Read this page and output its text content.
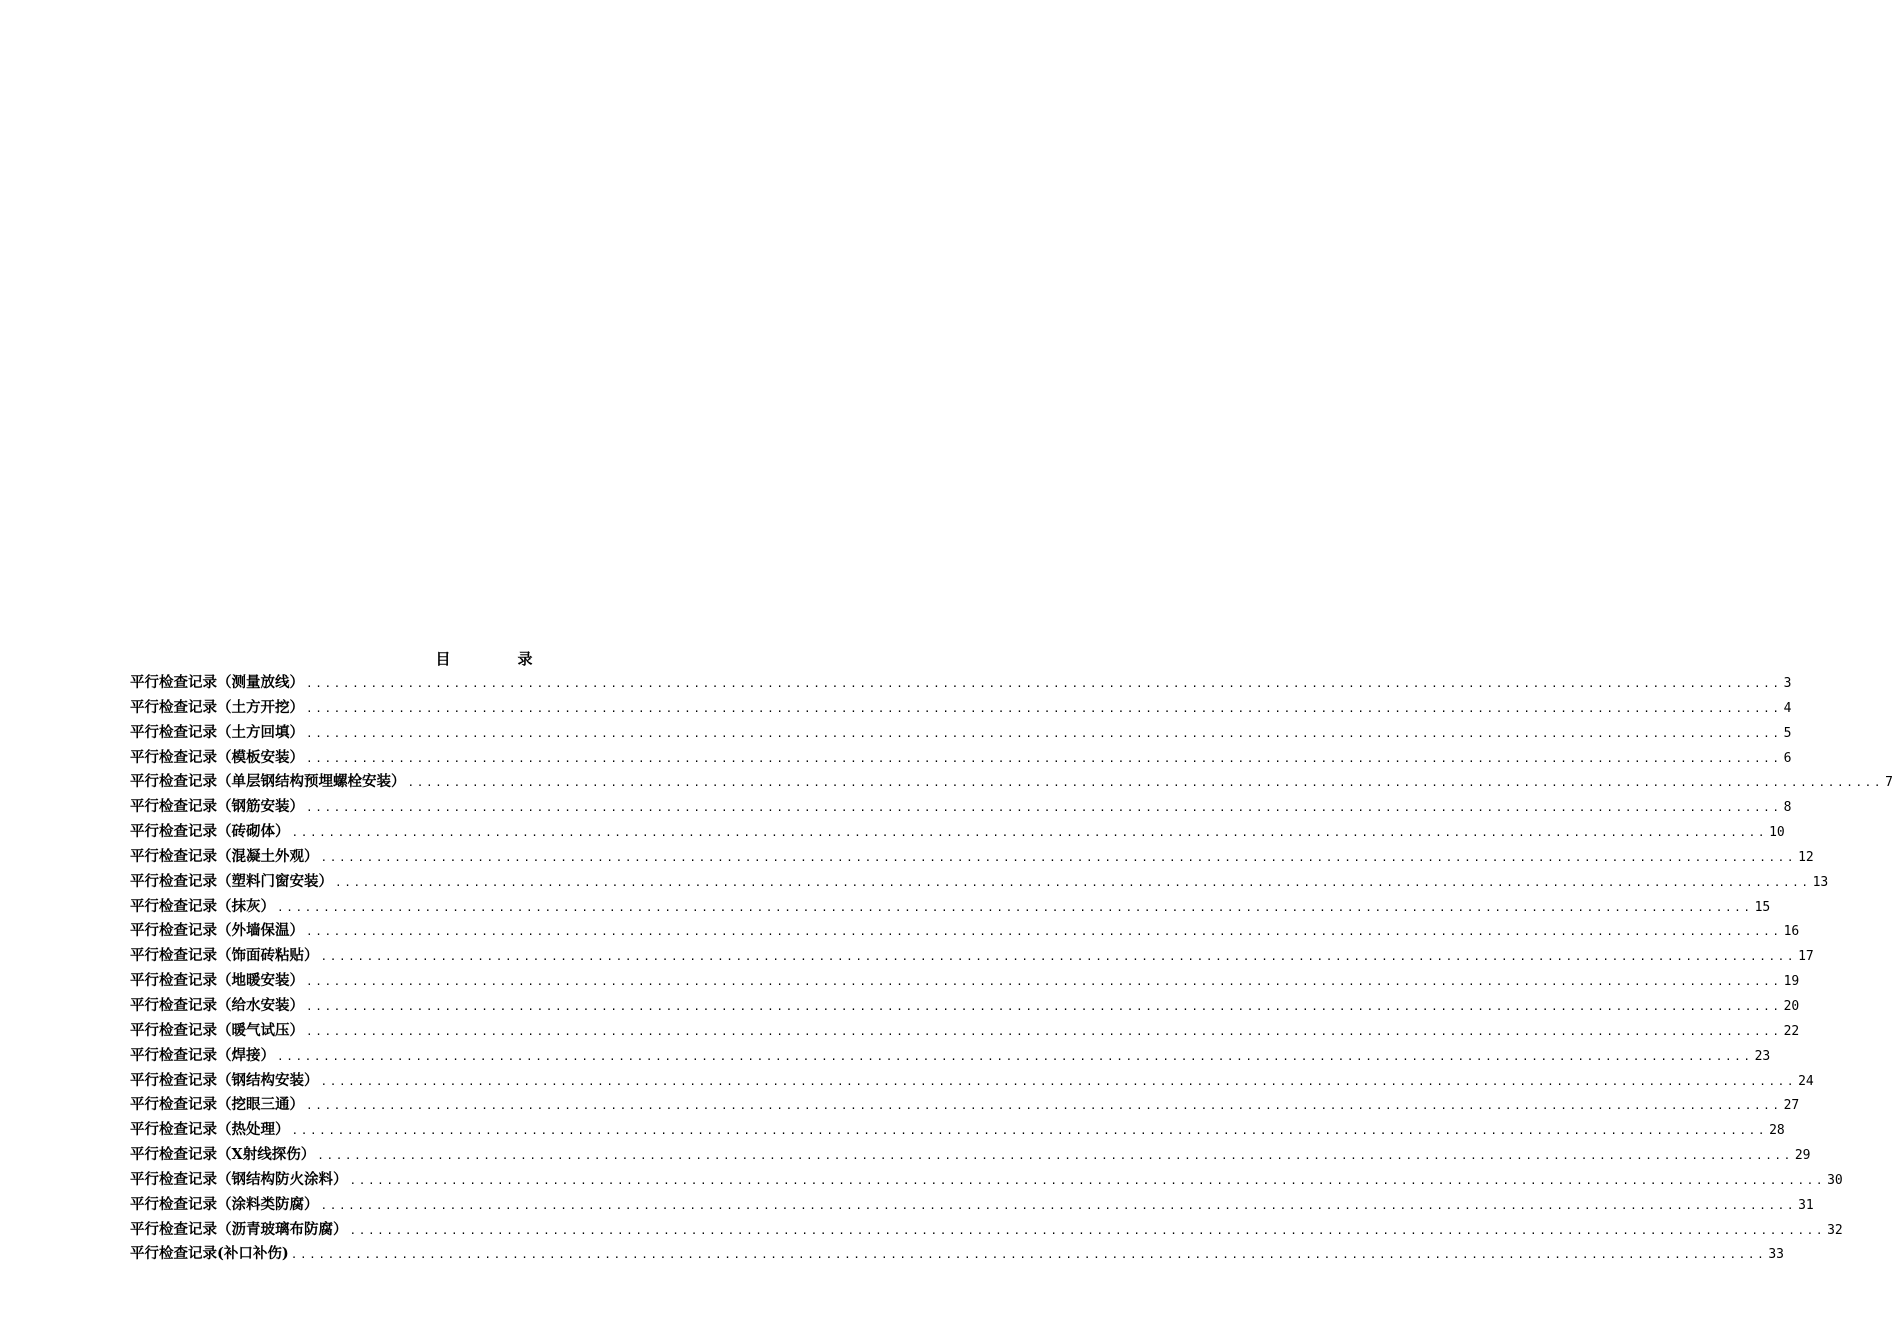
目　录
平行检查记录（测量放线） ................................................................................................................................................................ 3
平行检查记录（土方开挖） ................................................................................................................................................................ 4
平行检查记录（土方回填） ................................................................................................................................................................ 5
平行检查记录（模板安装） ................................................................................................................................................................ 6
平行检查记录（单层钢结构预埋螺栓安装） ................................................................................................................................................................ 7
平行检查记录（钢筋安装） ................................................................................................................................................................ 8
平行检查记录（砖砌体） ................................................................................................................................................................ 10
平行检查记录（混凝土外观） ................................................................................................................................................................ 12
平行检查记录（塑料门窗安装） ................................................................................................................................................................ 13
平行检查记录（抹灰） ................................................................................................................................................................ 15
平行检查记录（外墙保温） ................................................................................................................................................................ 16
平行检查记录（饰面砖粘贴） ................................................................................................................................................................ 17
平行检查记录（地暖安装） ................................................................................................................................................................ 19
平行检查记录（给水安装） ................................................................................................................................................................ 20
平行检查记录（暖气试压） ................................................................................................................................................................ 22
平行检查记录（焊接） ................................................................................................................................................................ 23
平行检查记录（钢结构安装） ................................................................................................................................................................ 24
平行检查记录（挖眼三通） ................................................................................................................................................................ 27
平行检查记录（热处理） ................................................................................................................................................................ 28
平行检查记录（X射线探伤） ................................................................................................................................................................ 29
平行检查记录（钢结构防火涂料） ................................................................................................................................................................ 30
平行检查记录（涂料类防腐） ................................................................................................................................................................ 31
平行检查记录（沥青玻璃布防腐） ................................................................................................................................................................ 32
平行检查记录(补口补伤) ................................................................................................................................................................ 33
